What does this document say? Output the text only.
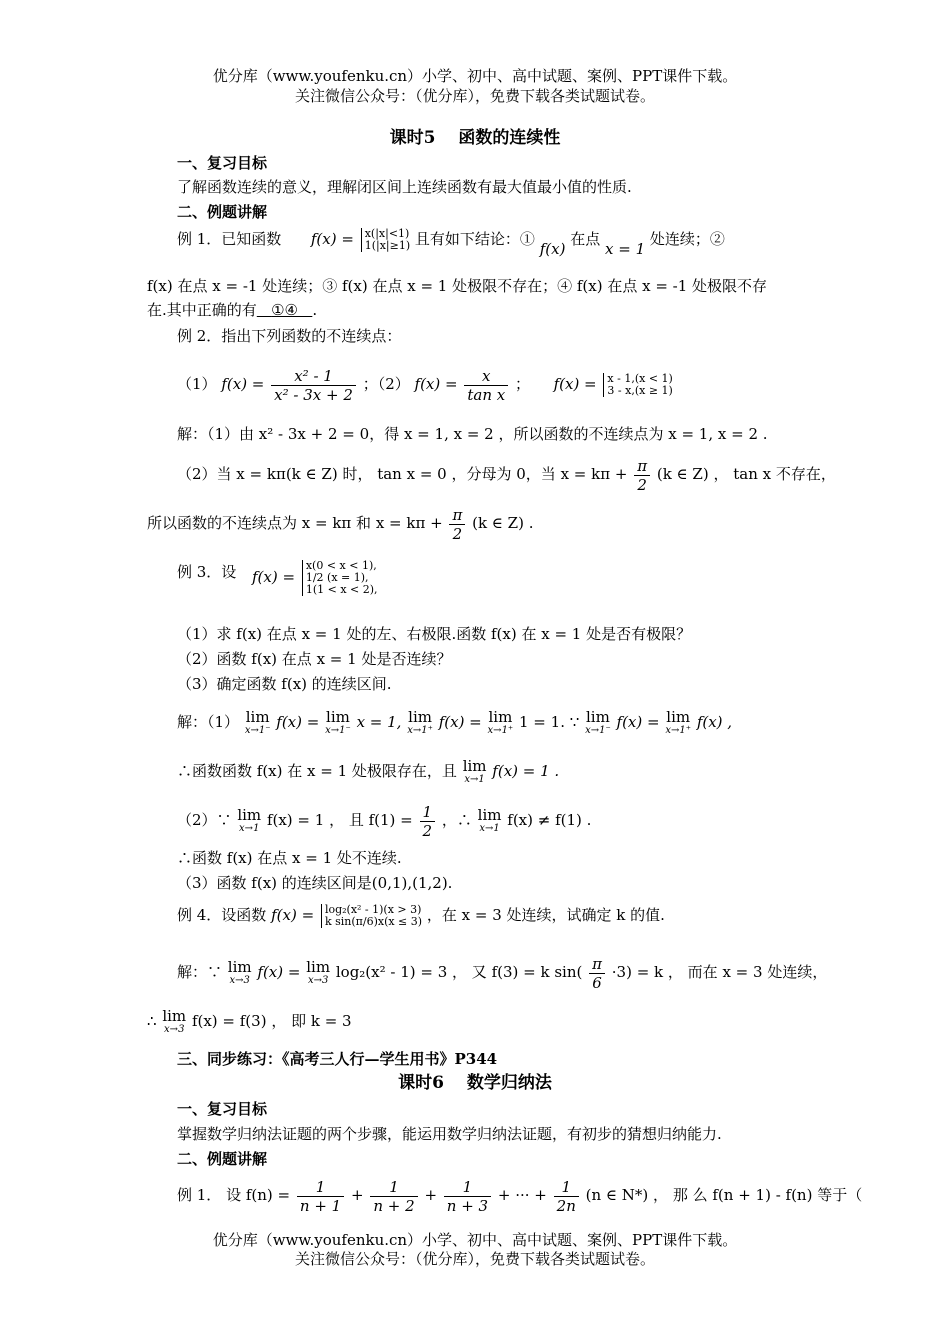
优分库（www.youfenku.cn）小学、初中、高中试题、案例、PPT课件下载。
关注微信公众号：（优分库），免费下载各类试题试卷。
课时5　 函数的连续性
一、复习目标
了解函数连续的意义，理解闭区间上连续函数有最大值最小值的性质.
二、例题讲解
例 1．已知函数 f(x) = x(|x|<1)
1(|x|≥1) 且有如下结论：① f(x) 在点 x = 1 处连续；②
f(x) 在点 x = -1 处连续；③ f(x) 在点 x = 1 处极限不存在；④ f(x) 在点 x = -1 处极限不存
在.其中正确的有 ①④ .
例 2．指出下列函数的不连续点：
（1） $f(x) = \frac{\text{x² - 1}}{\text{x² - 3x + 2}}$ ；（2） $f(x) = \frac{x}{\text{tan x}}$ ； f(x) = x - 1,(x < 1)
3 - x,(x ≥ 1)
解：（1）由 x² - 3x + 2 = 0，得 x = 1, x = 2 ，所以函数的不连续点为 x = 1, x = 2 .
（2）当 x = kπ(k ∈ Z) 时， tan x = 0 ，分母为 0，当 $x = k\pi + \frac{\pi}{2} (k$ ∈ Z) ， tan x 不存在，
所以函数的不连续点为 x = kπ 和 $x = k\pi + \frac{\pi}{2} (k$ ∈ Z) .
例 3．设 f(x) =
x(0 < x < 1),
1/2 (x = 1),
1(1 < x < 2),
（1）求 f(x) 在点 x = 1 处的左、右极限.函数 f(x) 在 x = 1 处是否有极限？
（2）函数 f(x) 在点 x = 1 处是否连续？
（3）确定函数 f(x) 的连续区间.
解：（1） lim
x→1⁻ f(x) = lim
x→1⁻ x = 1, lim
x→1⁺ f(x) = lim
x→1⁺ 1 = 1. ∵ lim
x→1⁻ f(x) = lim
x→1⁺ f(x) ,
∴函数函数 f(x) 在 x = 1 处极限存在，且 lim
x→1 f(x) = 1 .
（2）∵ lim
x→1 f(x) = 1 ， 且 $f(1) = \frac{1}{2}$ ，∴ lim
x→1 f(x) ≠ f(1) .
∴函数 f(x) 在点 x = 1 处不连续.
（3）函数 f(x) 的连续区间是(0,1),(1,2).
例 4．设函数 f(x) = log₂(x² - 1)(x > 3)
k sin(π/6)x(x ≤ 3) ，在 x = 3 处连续，试确定 k 的值.
解：∵ lim
x→3 f(x) = lim
x→3 log₂(x² - 1) = 3 ， 又 f(3) = k $\sin( \frac{\pi}{6} \cdot 3) = k$ ， 而在 x = 3 处连续，
∴ lim
x→3 f(x) = f(3) ， 即 k = 3
三、同步练习：《高考三人行—学生用书》P344
课时6　 数学归纳法
一、复习目标
掌握数学归纳法证题的两个步骤，能运用数学归纳法证题，有初步的猜想归纳能力.
二、例题讲解
例 1． 设 $f(n) = \frac{1}{n + 1} + \frac{1}{n + 2} + \frac{1}{n + 3}$ + ··· + $\frac{1}{2n} (n$ ∈ N*) ， 那 么 f(n + 1) - f(n) 等于（
优分库（www.youfenku.cn）小学、初中、高中试题、案例、PPT课件下载。
关注微信公众号：（优分库），免费下载各类试题试卷。
